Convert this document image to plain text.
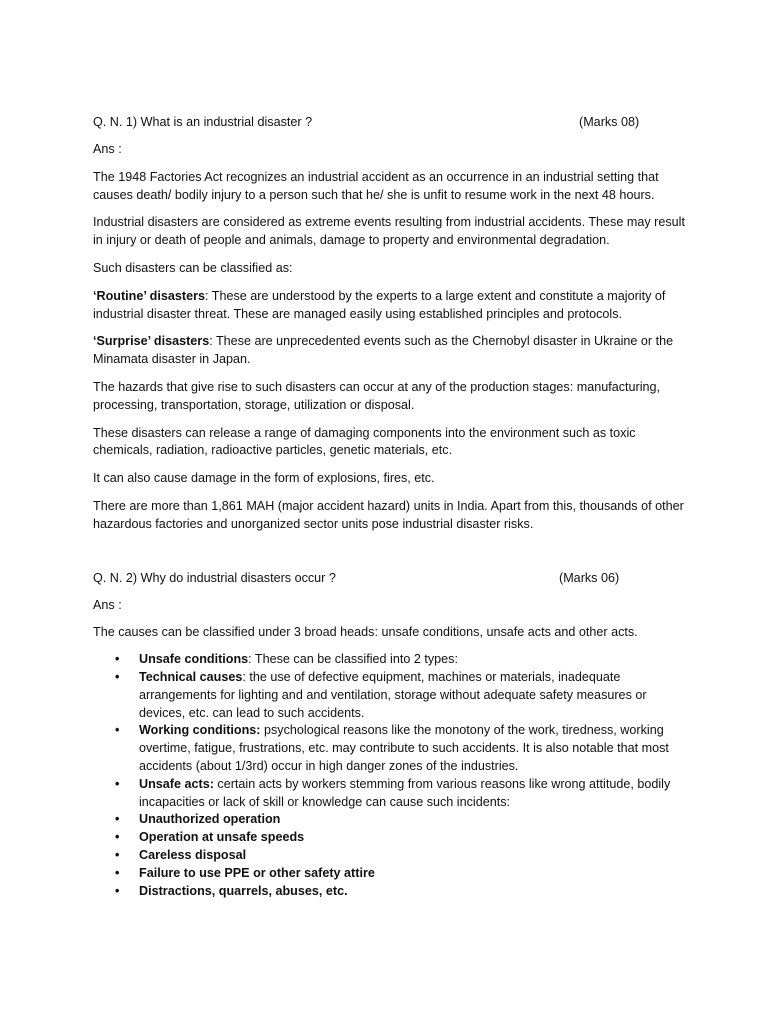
Q. N. 1) What is an industrial disaster ?	(Marks 08)

Ans :

The 1948 Factories Act recognizes an industrial accident as an occurrence in an industrial setting that causes death/ bodily injury to a person such that he/ she is unfit to resume work in the next 48 hours.

Industrial disasters are considered as extreme events resulting from industrial accidents. These may result in injury or death of people and animals, damage to property and environmental degradation.

Such disasters can be classified as:

‘Routine’ disasters: These are understood by the experts to a large extent and constitute a majority of industrial disaster threat. These are managed easily using established principles and protocols.

‘Surprise’ disasters: These are unprecedented events such as the Chernobyl disaster in Ukraine or the Minamata disaster in Japan.

The hazards that give rise to such disasters can occur at any of the production stages: manufacturing, processing, transportation, storage, utilization or disposal.

These disasters can release a range of damaging components into the environment such as toxic chemicals, radiation, radioactive particles, genetic materials, etc.

It can also cause damage in the form of explosions, fires, etc.

There are more than 1,861 MAH (major accident hazard) units in India. Apart from this, thousands of other hazardous factories and unorganized sector units pose industrial disaster risks.

Q. N. 2) Why do industrial disasters occur ?	(Marks 06)

Ans :

The causes can be classified under 3 broad heads: unsafe conditions, unsafe acts and other acts.

• Unsafe conditions: These can be classified into 2 types:
• Technical causes: the use of defective equipment, machines or materials, inadequate arrangements for lighting and and ventilation, storage without adequate safety measures or devices, etc. can lead to such accidents.
• Working conditions: psychological reasons like the monotony of the work, tiredness, working overtime, fatigue, frustrations, etc. may contribute to such accidents. It is also notable that most accidents (about 1/3rd) occur in high danger zones of the industries.
• Unsafe acts: certain acts by workers stemming from various reasons like wrong attitude, bodily incapacities or lack of skill or knowledge can cause such incidents:
• Unauthorized operation
• Operation at unsafe speeds
• Careless disposal
• Failure to use PPE or other safety attire
• Distractions, quarrels, abuses, etc.
